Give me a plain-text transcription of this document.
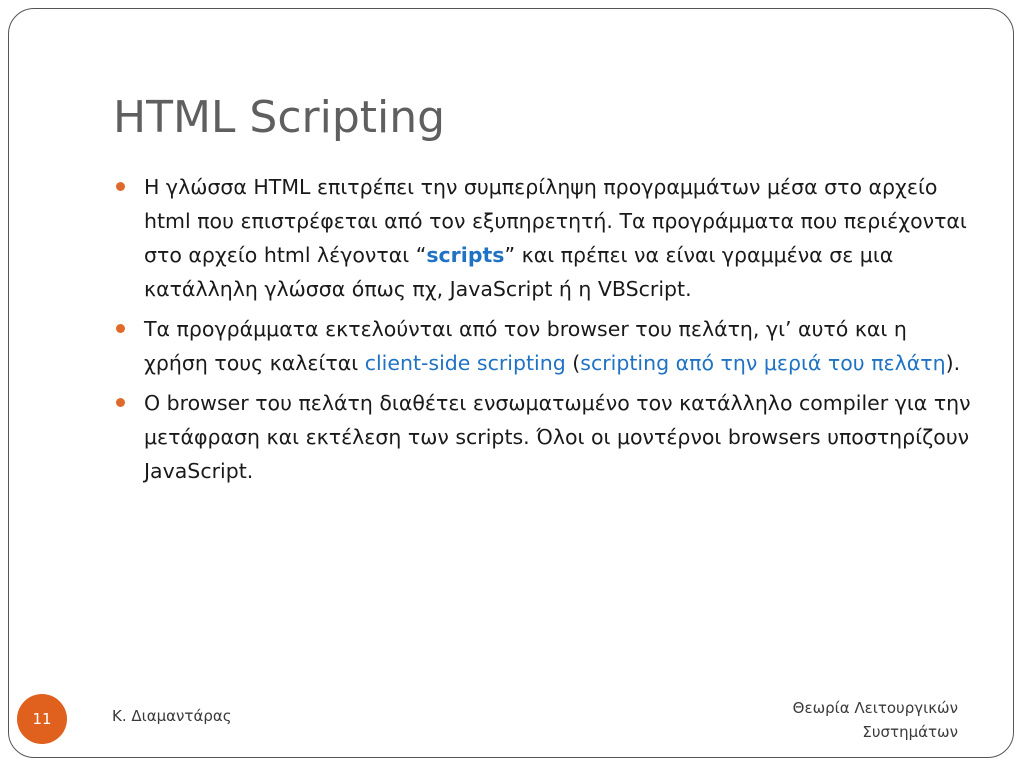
HTML Scripting
Η γλώσσα HTML επιτρέπει την συμπερίληψη προγραμμάτων μέσα στο αρχείο html που επιστρέφεται από τον εξυπηρετητή. Τα προγράμματα που περιέχονται στο αρχείο html λέγονται “scripts” και πρέπει να είναι γραμμένα σε μια κατάλληλη γλώσσα όπως πχ, JavaScript ή η VBScript.
Τα προγράμματα εκτελούνται από τον browser του πελάτη, γι’ αυτό και η χρήση τους καλείται client-side scripting (scripting από την μεριά του πελάτη).
Ο browser του πελάτη διαθέτει ενσωματωμένο τον κατάλληλο compiler για την μετάφραση και εκτέλεση των scripts. Όλοι οι μοντέρνοι browsers υποστηρίζουν JavaScript.
11	Κ. Διαμαντάρας	Θεωρία Λειτουργικών
Συστημάτων
